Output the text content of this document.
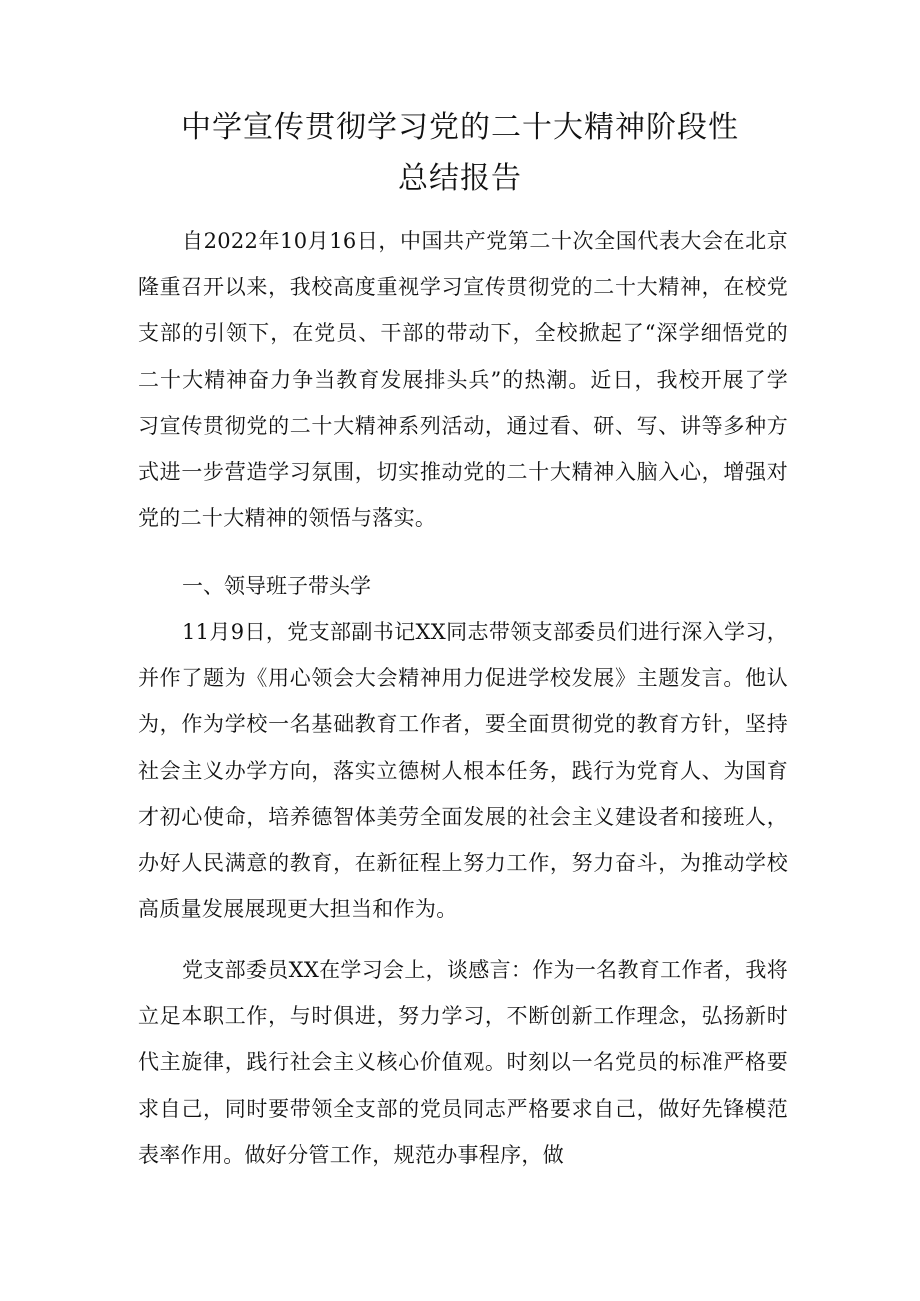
中学宣传贯彻学习党的二十大精神阶段性
总结报告

自2022年10月16日，中国共产党第二十次全国代表大会在北京隆重召开以来，我校高度重视学习宣传贯彻党的二十大精神，在校党支部的引领下，在党员、干部的带动下，全校掀起了“深学细悟党的二十大精神奋力争当教育发展排头兵”的热潮。近日，我校开展了学习宣传贯彻党的二十大精神系列活动，通过看、研、写、讲等多种方式进一步营造学习氛围，切实推动党的二十大精神入脑入心，增强对党的二十大精神的领悟与落实。

一、领导班子带头学

11月9日，党支部副书记XX同志带领支部委员们进行深入学习，并作了题为《用心领会大会精神用力促进学校发展》主题发言。他认为，作为学校一名基础教育工作者，要全面贯彻党的教育方针，坚持社会主义办学方向，落实立德树人根本任务，践行为党育人、为国育才初心使命，培养德智体美劳全面发展的社会主义建设者和接班人，办好人民满意的教育，在新征程上努力工作，努力奋斗，为推动学校高质量发展展现更大担当和作为。

党支部委员XX在学习会上，谈感言：作为一名教育工作者，我将立足本职工作，与时俱进，努力学习，不断创新工作理念，弘扬新时代主旋律，践行社会主义核心价值观。时刻以一名党员的标准严格要求自己，同时要带领全支部的党员同志严格要求自己，做好先锋模范表率作用。做好分管工作，规范办事程序，做
